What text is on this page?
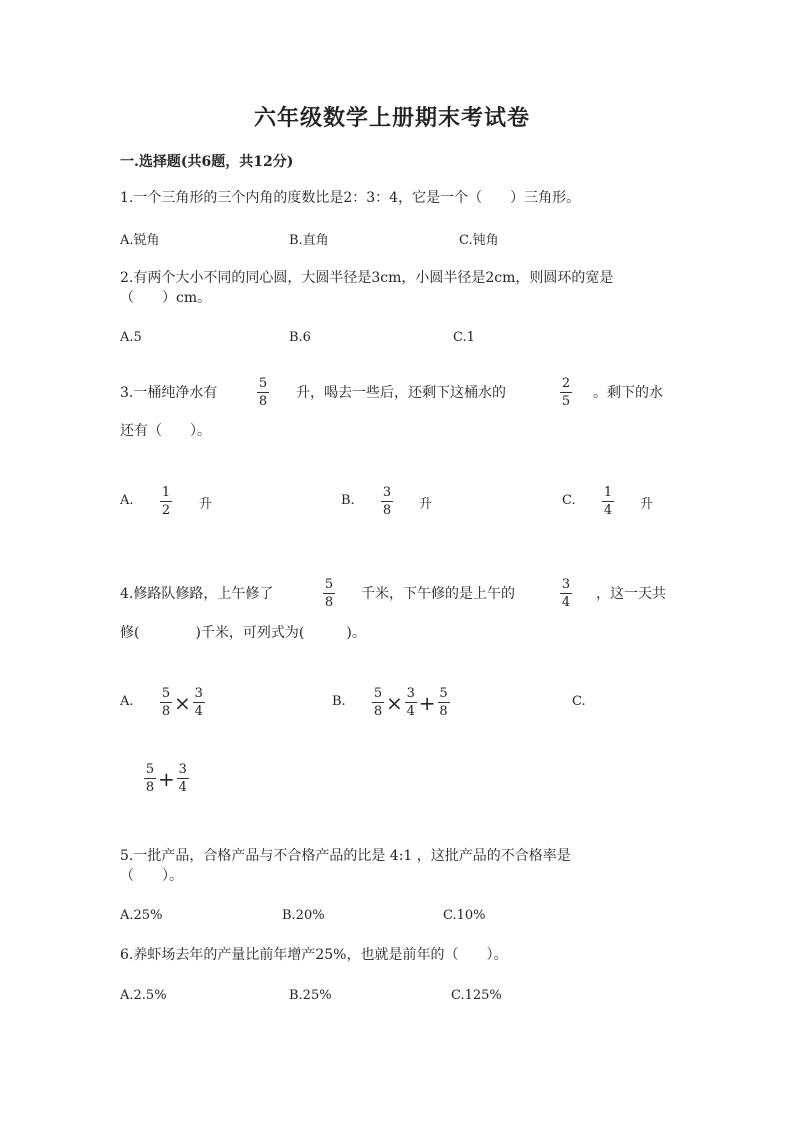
六年级数学上册期末考试卷
一.选择题(共6题，共12分)
1.一个三角形的三个内角的度数比是2：3：4，它是一个（　　）三角形。
A.锐角	B.直角	C.钝角
2.有两个大小不同的同心圆，大圆半径是3cm，小圆半径是2cm，则圆环的宽是
（　　）cm。
A.5	B.6	C.1
3.一桶纯净水有
5
8
升，喝去一些后，还剩下这桶水的
2
5
。剩下的水
还有（　　）。
A.
1
2 升	B.
3
8 升	C.
1
4 升
4.修路队修路，上午修了
5
8
千米，下午修的是上午的
3
4
，这一天共
修(　　　　)千米，可列式为(　　　)。
A. $\frac{5}{8} \times \frac{3}{4}$	B. $\frac{5}{8} \times \frac{3}{4} + \frac{5}{8}$	C.
$\frac{5}{8} + \frac{3}{4}$
5.一批产品，合格产品与不合格产品的比是 4:1 ，这批产品的不合格率是
（　　）。
A.25%	B.20%	C.10%
6.养虾场去年的产量比前年增产25%，也就是前年的（　　）。
A.2.5%	B.25%	C.125%
